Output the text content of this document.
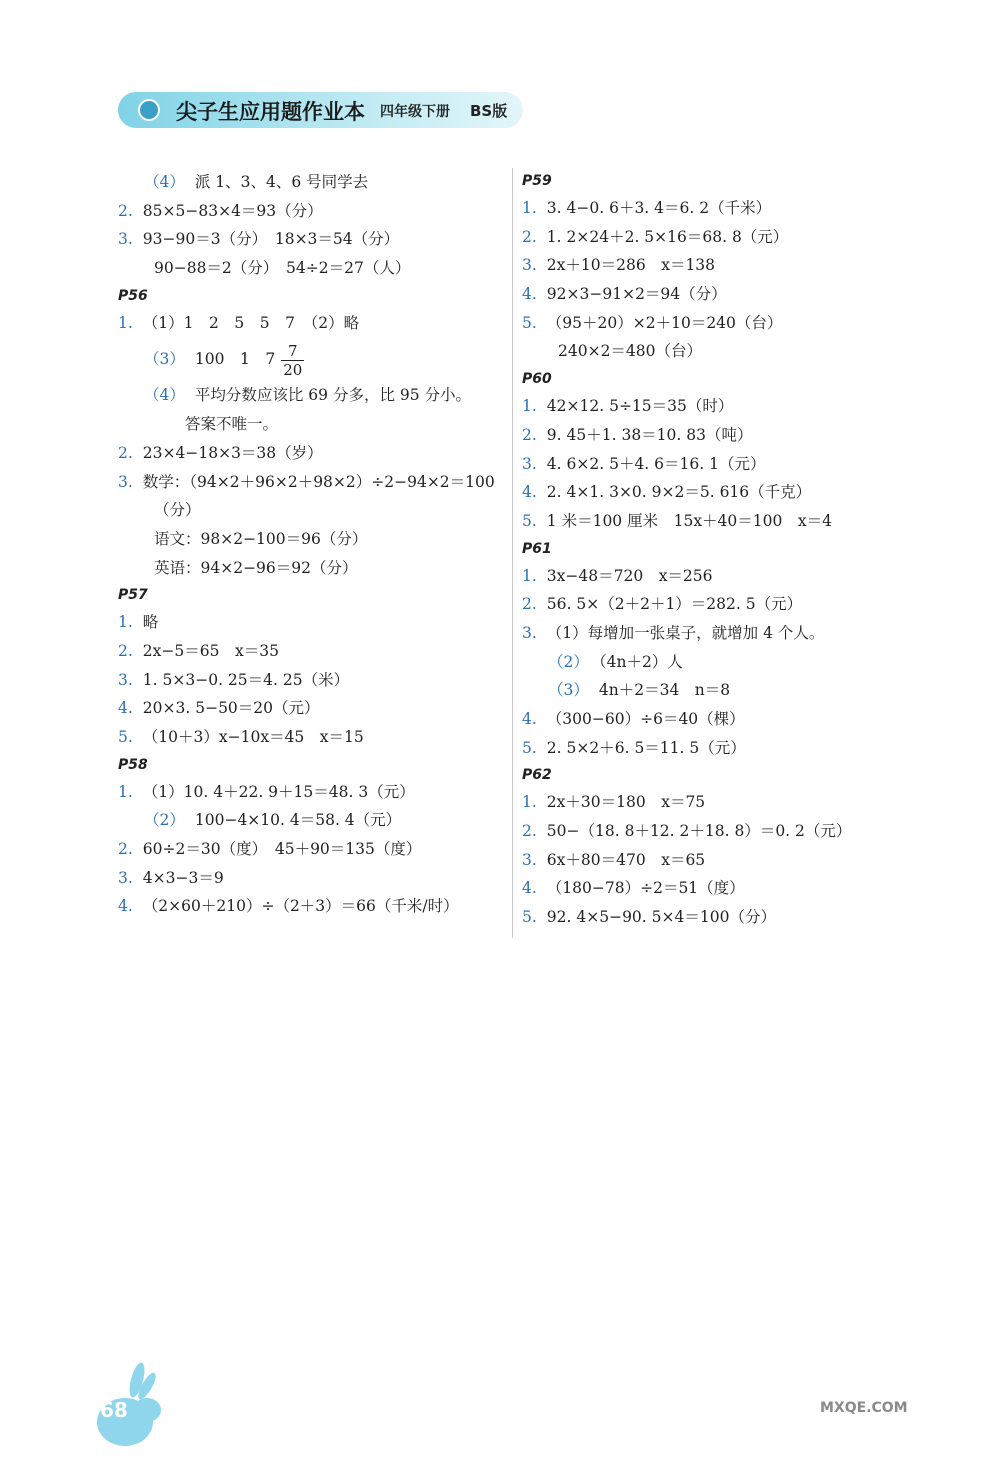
尖子生应用题作业本 四年级下册 BS版
（4） 派 1、3、4、6 号同学去
2. 85×5−83×4＝93（分）
3. 93−90＝3（分）　18×3＝54（分）
90−88＝2（分）　54÷2＝27（人）
P56
1. （1）1　2　5　5　7　（2）略
（3） 100　1　$7 \frac{7}{20}$
（4） 平均分数应该比 69 分多，比 95 分小。
　　答案不唯一。
2. 23×4−18×3＝38（岁）
3. 数学：（94×2＋96×2＋98×2）÷2−94×2＝100
（分）
语文：98×2−100＝96（分）
英语：94×2−96＝92（分）
P57
1. 略
2. 2x−5＝65　x＝35
3. 1. 5×3−0. 25＝4. 25（米）
4. 20×3. 5−50＝20（元）
5. （10＋3）x−10x＝45　x＝15
P58
1. （1）10. 4＋22. 9＋15＝48. 3（元）
（2） 100−4×10. 4＝58. 4（元）
2. 60÷2＝30（度）　45＋90＝135（度）
3. 4×3−3＝9
4. （2×60＋210）÷（2＋3）＝66（千米/时）
P59
1. 3. 4−0. 6＋3. 4＝6. 2（千米）
2. 1. 2×24＋2. 5×16＝68. 8（元）
3. 2x＋10＝286　x＝138
4. 92×3−91×2＝94（分）
5. （95＋20）×2＋10＝240（台）
240×2＝480（台）
P60
1. 42×12. 5÷15＝35（时）
2. 9. 45＋1. 38＝10. 83（吨）
3. 4. 6×2. 5＋4. 6＝16. 1（元）
4. 2. 4×1. 3×0. 9×2＝5. 616（千克）
5. 1 米＝100 厘米　15x＋40＝100　x＝4
P61
1. 3x−48＝720　x＝256
2. 56. 5×（2＋2＋1）＝282. 5（元）
3. （1）每增加一张桌子，就增加 4 个人。
（2） （4n＋2）人
（3） 4n＋2＝34　n＝8
4. （300−60）÷6＝40（棵）
5. 2. 5×2＋6. 5＝11. 5（元）
P62
1. 2x＋30＝180　x＝75
2. 50−（18. 8＋12. 2＋18. 8）＝0. 2（元）
3. 6x＋80＝470　x＝65
4. （180−78）÷2＝51（度）
5. 92. 4×5−90. 5×4＝100（分）
68	MXQE.COM
